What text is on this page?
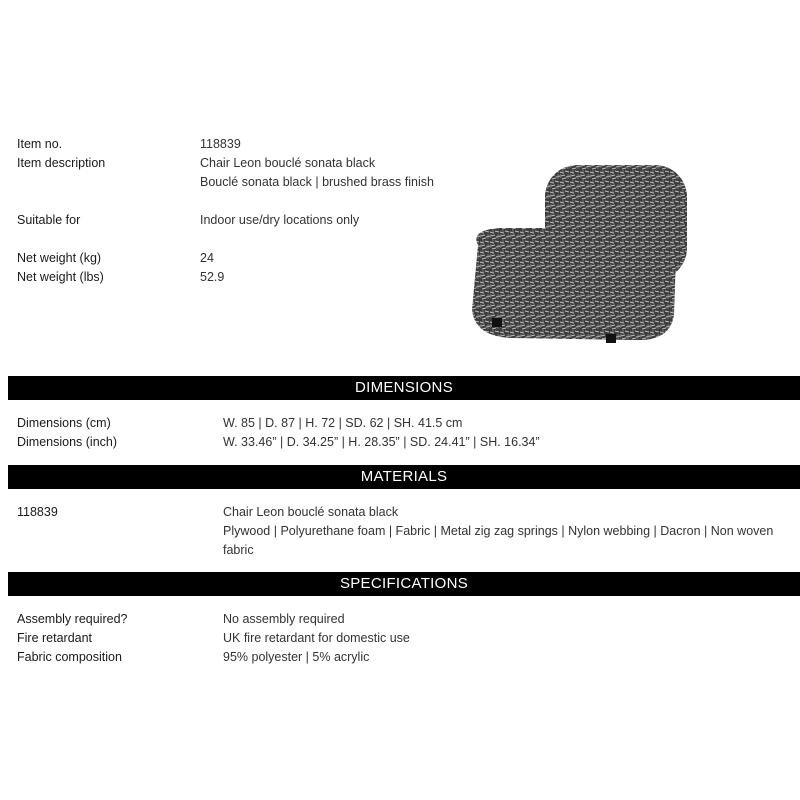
Item no.	118839
Item description	Chair Leon bouclé sonata black
Bouclé sonata black | brushed brass finish
Suitable for	Indoor use/dry locations only
Net weight (kg)	24
Net weight (lbs)	52.9
DIMENSIONS
Dimensions (cm)	W. 85 | D. 87 | H. 72 | SD. 62 | SH. 41.5 cm
Dimensions (inch)	W. 33.46” | D. 34.25” | H. 28.35” | SD. 24.41” | SH. 16.34”
MATERIALS
118839	Chair Leon bouclé sonata black
Plywood | Polyurethane foam | Fabric | Metal zig zag springs | Nylon webbing | Dacron | Non woven
fabric
SPECIFICATIONS
Assembly required?	No assembly required
Fire retardant	UK fire retardant for domestic use
Fabric composition	95% polyester | 5% acrylic
